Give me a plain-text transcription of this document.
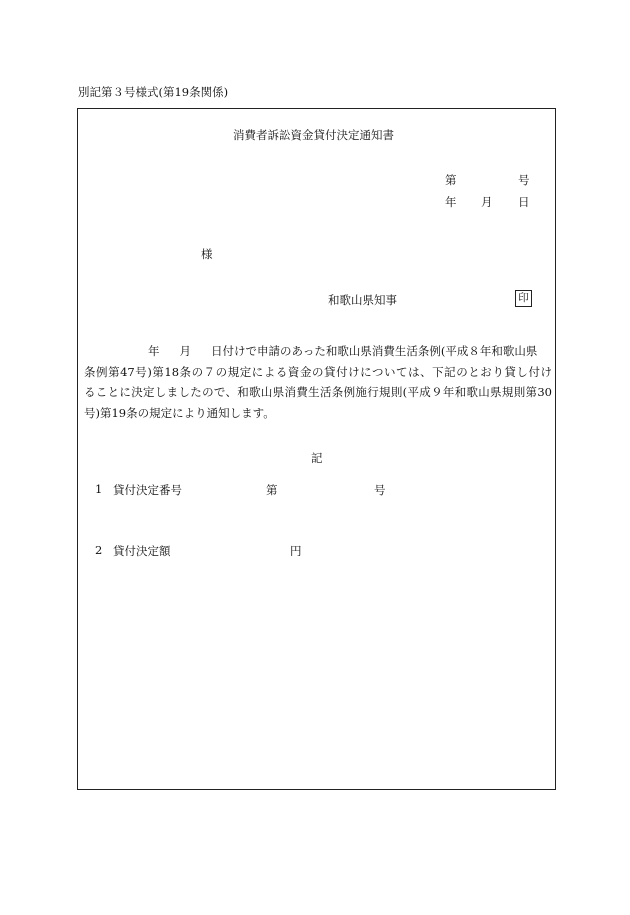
別記第３号様式(第19条関係)
消費者訴訟資金貸付決定通知書
第	号
年 月 日
様
和歌山県知事	印
年 月 日付けで申請のあった和歌山県消費生活条例(平成８年和歌山県
条例第47号)第18条の７の規定による資金の貸付けについては、下記のとおり貸し付け
ることに決定しましたので、和歌山県消費生活条例施行規則(平成９年和歌山県規則第30
号)第19条の規定により通知します。
記
1 貸付決定番号	第	号
2 貸付決定額	円
